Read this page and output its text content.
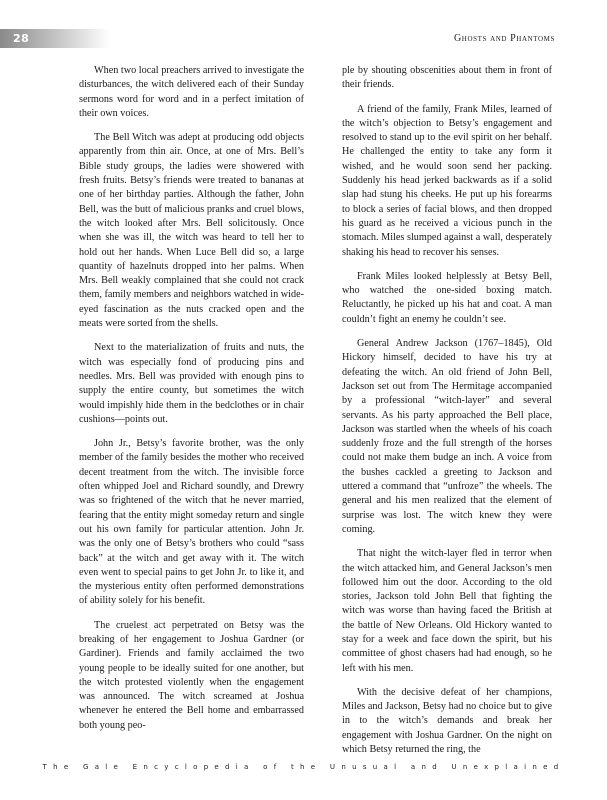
28	Ghosts and Phantoms

When two local preachers arrived to investigate the disturbances, the witch delivered each of their Sunday sermons word for word and in a perfect imitation of their own voices.

The Bell Witch was adept at producing odd objects apparently from thin air. Once, at one of Mrs. Bell’s Bible study groups, the ladies were showered with fresh fruits. Betsy’s friends were treated to bananas at one of her birthday parties. Although the father, John Bell, was the butt of malicious pranks and cruel blows, the witch looked after Mrs. Bell solicitously. Once when she was ill, the witch was heard to tell her to hold out her hands. When Luce Bell did so, a large quantity of hazelnuts dropped into her palms. When Mrs. Bell weakly complained that she could not crack them, family members and neighbors watched in wide-eyed fascination as the nuts cracked open and the meats were sorted from the shells.

Next to the materialization of fruits and nuts, the witch was especially fond of producing pins and needles. Mrs. Bell was provided with enough pins to supply the entire county, but sometimes the witch would impishly hide them in the bedclothes or in chair cushions—points out.

John Jr., Betsy’s favorite brother, was the only member of the family besides the mother who received decent treatment from the witch. The invisible force often whipped Joel and Richard soundly, and Drewry was so frightened of the witch that he never married, fearing that the entity might someday return and single out his own family for particular attention. John Jr. was the only one of Betsy’s brothers who could “sass back” at the witch and get away with it. The witch even went to special pains to get John Jr. to like it, and the mysterious entity often performed demonstrations of ability solely for his benefit.

The cruelest act perpetrated on Betsy was the breaking of her engagement to Joshua Gardner (or Gardiner). Friends and family acclaimed the two young people to be ideally suited for one another, but the witch protested violently when the engagement was announced. The witch screamed at Joshua whenever he entered the Bell home and embarrassed both young peo-

ple by shouting obscenities about them in front of their friends.

A friend of the family, Frank Miles, learned of the witch’s objection to Betsy’s engagement and resolved to stand up to the evil spirit on her behalf. He challenged the entity to take any form it wished, and he would soon send her packing. Suddenly his head jerked backwards as if a solid slap had stung his cheeks. He put up his forearms to block a series of facial blows, and then dropped his guard as he received a vicious punch in the stomach. Miles slumped against a wall, desperately shaking his head to recover his senses.

Frank Miles looked helplessly at Betsy Bell, who watched the one-sided boxing match. Reluctantly, he picked up his hat and coat. A man couldn’t fight an enemy he couldn’t see.

General Andrew Jackson (1767–1845), Old Hickory himself, decided to have his try at defeating the witch. An old friend of John Bell, Jackson set out from The Hermitage accompanied by a professional “witch-layer” and several servants. As his party approached the Bell place, Jackson was startled when the wheels of his coach suddenly froze and the full strength of the horses could not make them budge an inch. A voice from the bushes cackled a greeting to Jackson and uttered a command that “unfroze” the wheels. The general and his men realized that the element of surprise was lost. The witch knew they were coming.

That night the witch-layer fled in terror when the witch attacked him, and General Jackson’s men followed him out the door. According to the old stories, Jackson told John Bell that fighting the witch was worse than having faced the British at the battle of New Orleans. Old Hickory wanted to stay for a week and face down the spirit, but his committee of ghost chasers had had enough, so he left with his men.

With the decisive defeat of her champions, Miles and Jackson, Betsy had no choice but to give in to the witch’s demands and break her engagement with Joshua Gardner. On the night on which Betsy returned the ring, the

The Gale Encyclopedia of the Unusual and Unexplained
